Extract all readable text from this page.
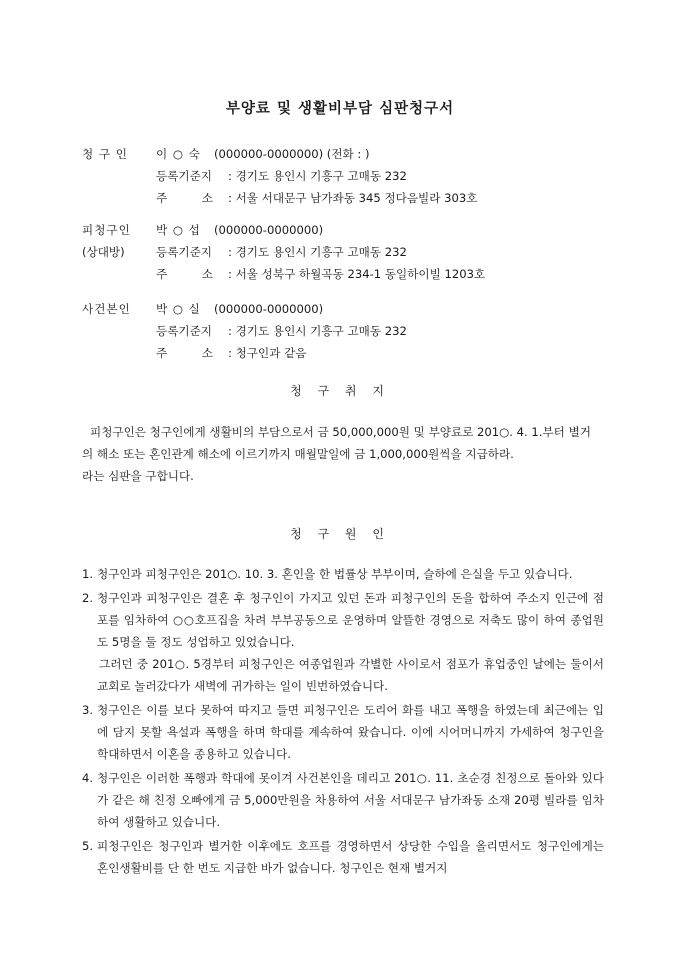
부양료 및 생활비부담 심판청구서
청 구 인 이 ○ 숙 (000000-0000000) (전화 : )
등록기준지 : 경기도 용인시 기흥구 고매동 232
주 소 : 서울 서대문구 남가좌동 345 정다음빌라 303호
피청구인 박 ○ 섭 (000000-0000000)
(상대방)	등록기준지 : 경기도 용인시 기흥구 고매동 232
주 소 : 서울 성북구 하월곡동 234-1 동일하이빌 1203호
사건본인 박 ○ 실 (000000-0000000)
등록기준지 : 경기도 용인시 기흥구 고매동 232
주 소 : 청구인과 같음
청 구 취 지

피청구인은 청구인에게 생활비의 부담으로서 금 50,000,000원 및 부양료로 201○. 4. 1.부터 별거의 해소 또는 혼인관계 해소에 이르기까지 매월말일에 금 1,000,000원씩을 지급하라.

라는 심판을 구합니다.

청 구 원 인
1. 청구인과 피청구인은 201○. 10. 3. 혼인을 한 법률상 부부이며, 슬하에 은실을 두고 있습니다.

2. 청구인과 피청구인은 결혼 후 청구인이 가지고 있던 돈과 피청구인의 돈을 합하여 주소지 인근에 점포를 임차하여 ○○호프집을 차려 부부공동으로 운영하며 알뜰한 경영으로 저축도 많이 하여 종업원도 5명을 둘 정도 성업하고 있었습니다.

그러던 중 201○. 5경부터 피청구인은 여종업원과 각별한 사이로서 점포가 휴업중인 날에는 둘이서 교회로 놀러갔다가 새벽에 귀가하는 일이 빈번하였습니다.

3. 청구인은 이를 보다 못하여 따지고 들면 피청구인은 도리어 화를 내고 폭행을 하였는데 최근에는 입에 담지 못할 욕설과 폭행을 하며 학대를 계속하여 왔습니다. 이에 시어머니까지 가세하여 청구인을 학대하면서 이혼을 종용하고 있습니다.

4. 청구인은 이러한 폭행과 학대에 못이겨 사건본인을 데리고 201○. 11. 초순경 친정으로 돌아와 있다가 같은 해 친정 오빠에게 금 5,000만원을 차용하여 서울 서대문구 남가좌동 소재 20평 빌라를 임차하여 생활하고 있습니다.

5. 피청구인은 청구인과 별거한 이후에도 호프를 경영하면서 상당한 수입을 올리면서도 청구인에게는 혼인생활비를 단 한 번도 지급한 바가 없습니다. 청구인은 현재 별거지
